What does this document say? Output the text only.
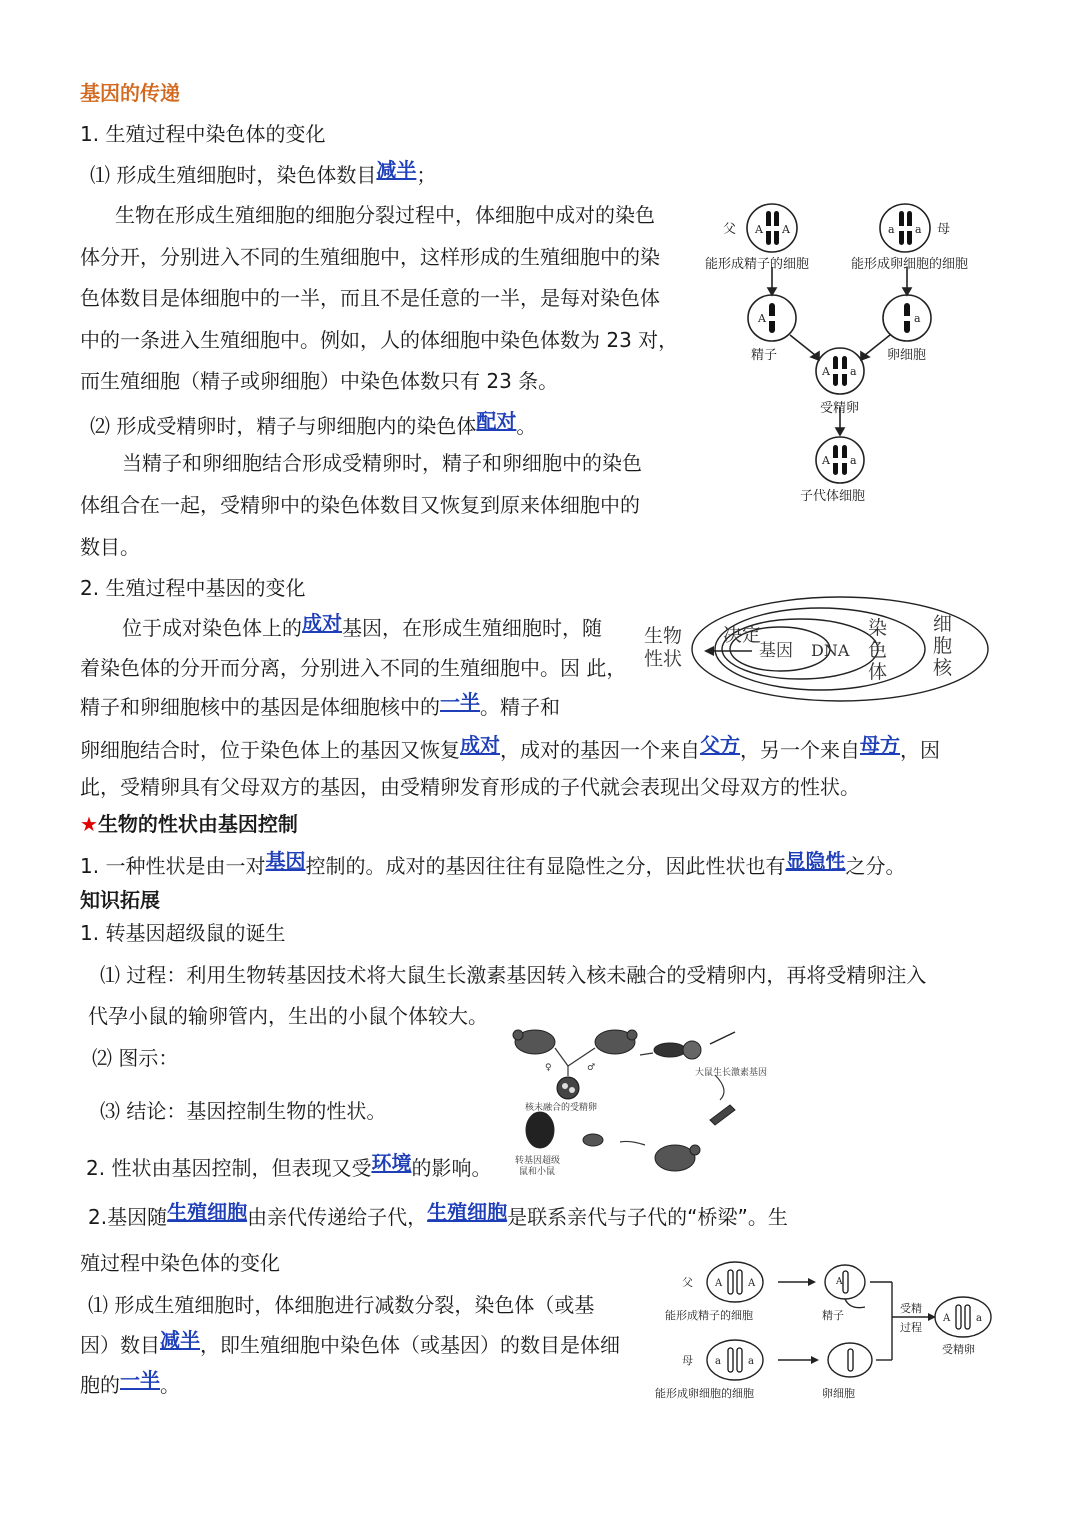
基因的传递
1. 生殖过程中染色体的变化
⑴ 形成生殖细胞时，染色体数目减半；
生物在形成生殖细胞的细胞分裂过程中，体细胞中成对的染色
体分开，分别进入不同的生殖细胞中，这样形成的生殖细胞中的染
色体数目是体细胞中的一半，而且不是任意的一半，是每对染色体
中的一条进入生殖细胞中。例如，人的体细胞中染色体数为 23 对，
而生殖细胞（精子或卵细胞）中染色体数只有 23 条。
⑵ 形成受精卵时，精子与卵细胞内的染色体配对。
当精子和卵细胞结合形成受精卵时，精子和卵细胞中的染色
体组合在一起，受精卵中的染色体数目又恢复到原来体细胞中的
数目。
父	母
A A	a a
A	a
A a
A a
能形成精子的细胞	能形成卵细胞的细胞
精子	卵细胞
受精卵
子代体细胞
2. 生殖过程中基因的变化
位于成对染色体上的成对基因，在形成生殖细胞时，随
着染色体的分开而分离，分别进入不同的生殖细胞中。因 此，
精子和卵细胞核中的基因是体细胞核中的一半。精子和
卵细胞结合时，位于染色体上的基因又恢复成对，成对的基因一个来自父方，另一个来自母方，因
此，受精卵具有父母双方的基因，由受精卵发育形成的子代就会表现出父母双方的性状。
生物
性状
决定
基因 DNA
染
色
体
细
胞
核
★生物的性状由基因控制
1. 一种性状是由一对基因控制的。成对的基因往往有显隐性之分，因此性状也有显隐性之分。
知识拓展
1. 转基因超级鼠的诞生
⑴ 过程：利用生物转基因技术将大鼠生长激素基因转入核未融合的受精卵内，再将受精卵注入
代孕小鼠的输卵管内，生出的小鼠个体较大。
⑵ 图示：
⑶ 结论：基因控制生物的性状。
2. 性状由基因控制，但表现又受环境的影响。
♀	♂	大鼠生长激素基因
核未融合的受精卵
转基因超级
鼠和小鼠
2.基因随生殖细胞由亲代传递给子代，生殖细胞是联系亲代与子代的“桥梁”。生
殖过程中染色体的变化
⑴ 形成生殖细胞时，体细胞进行减数分裂，染色体（或基
因）数目减半，即生殖细胞中染色体（或基因）的数目是体细
胞的一半。
父
母
A	A
a	a
A
A	a
能形成精子的细胞	精子
受精
过程
受精卵
能形成卵细胞的细胞	卵细胞
